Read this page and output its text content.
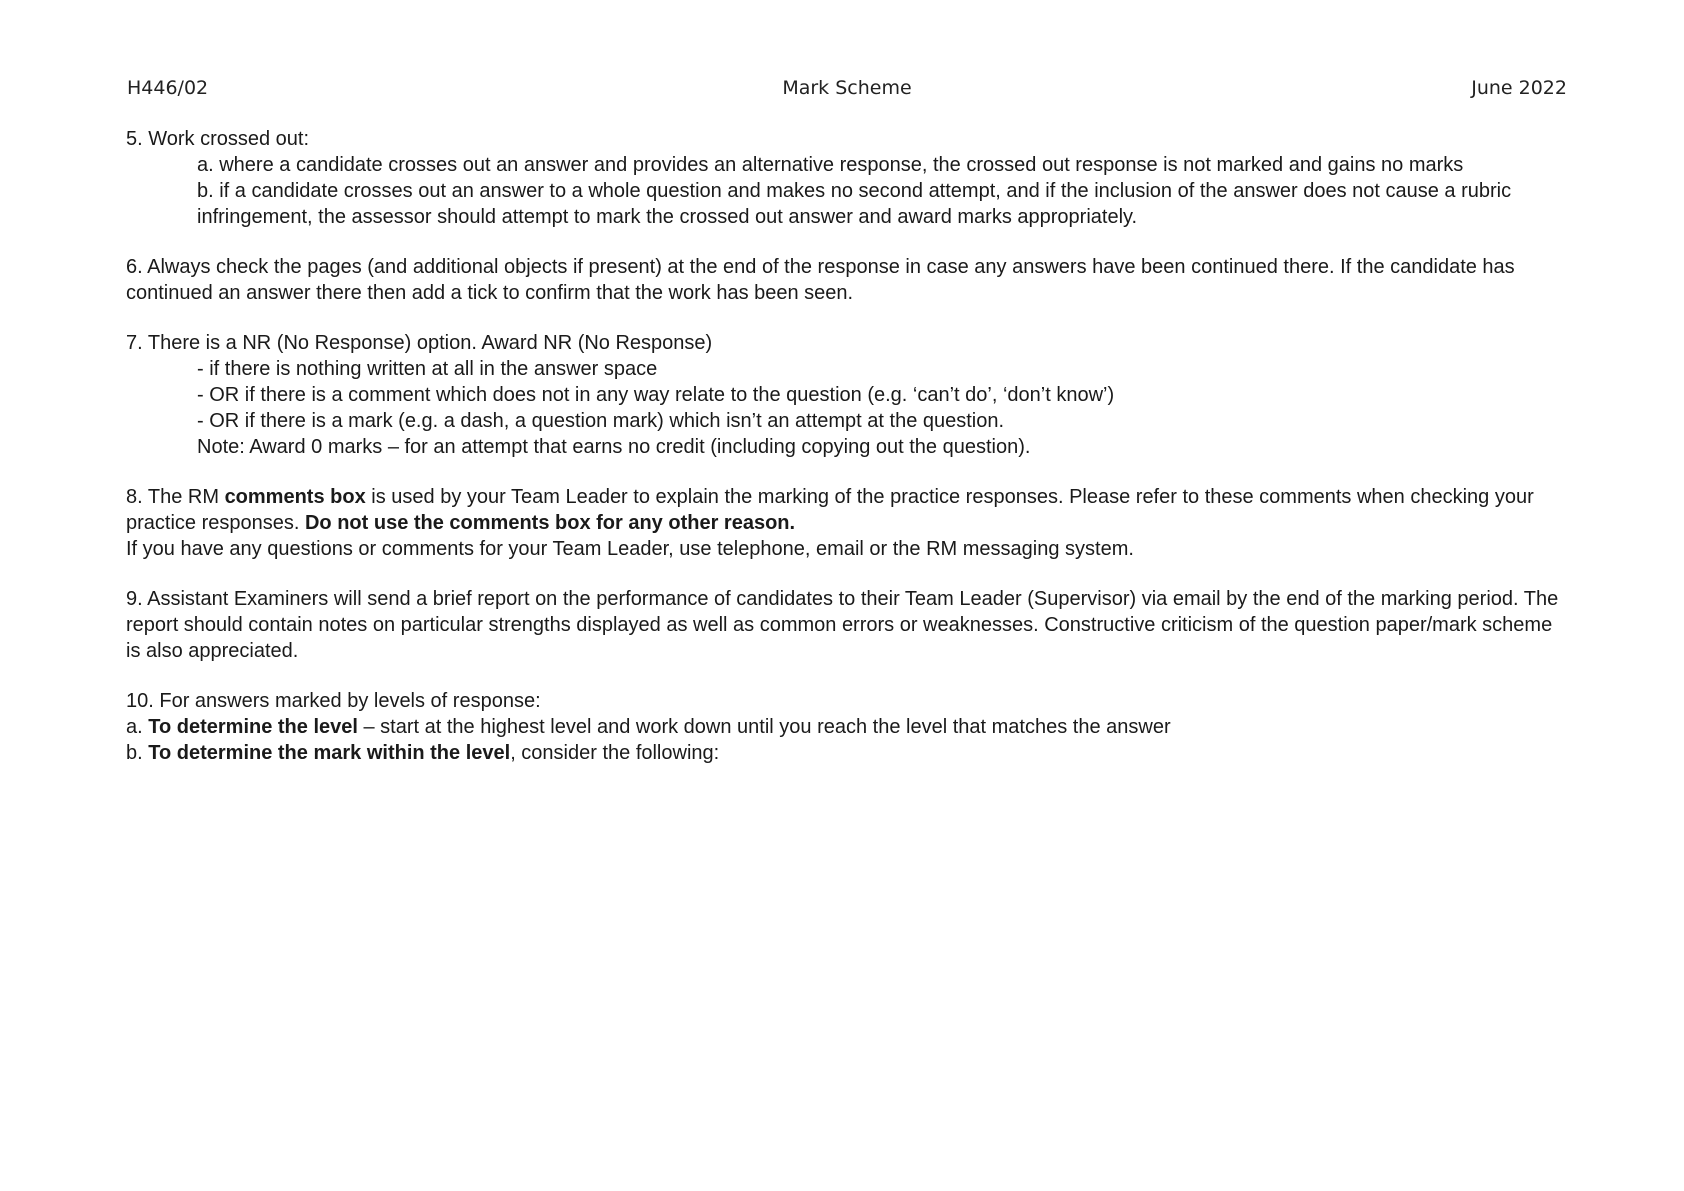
H446/02	Mark Scheme	June 2022

5. Work crossed out:

a. where a candidate crosses out an answer and provides an alternative response, the crossed out response is not marked and gains no marks

b. if a candidate crosses out an answer to a whole question and makes no second attempt, and if the inclusion of the answer does not cause a rubric infringement, the assessor should attempt to mark the crossed out answer and award marks appropriately.

6. Always check the pages (and additional objects if present) at the end of the response in case any answers have been continued there. If the candidate has continued an answer there then add a tick to confirm that the work has been seen.

7. There is a NR (No Response) option. Award NR (No Response)

- if there is nothing written at all in the answer space

- OR if there is a comment which does not in any way relate to the question (e.g. ‘can’t do’, ‘don’t know’)

- OR if there is a mark (e.g. a dash, a question mark) which isn’t an attempt at the question.

Note: Award 0 marks – for an attempt that earns no credit (including copying out the question).

8. The RM comments box is used by your Team Leader to explain the marking of the practice responses. Please refer to these comments when checking your practice responses. Do not use the comments box for any other reason.

If you have any questions or comments for your Team Leader, use telephone, email or the RM messaging system.

9. Assistant Examiners will send a brief report on the performance of candidates to their Team Leader (Supervisor) via email by the end of the marking period. The report should contain notes on particular strengths displayed as well as common errors or weaknesses. Constructive criticism of the question paper/mark scheme is also appreciated.

10. For answers marked by levels of response:

a. To determine the level – start at the highest level and work down until you reach the level that matches the answer

b. To determine the mark within the level, consider the following:
